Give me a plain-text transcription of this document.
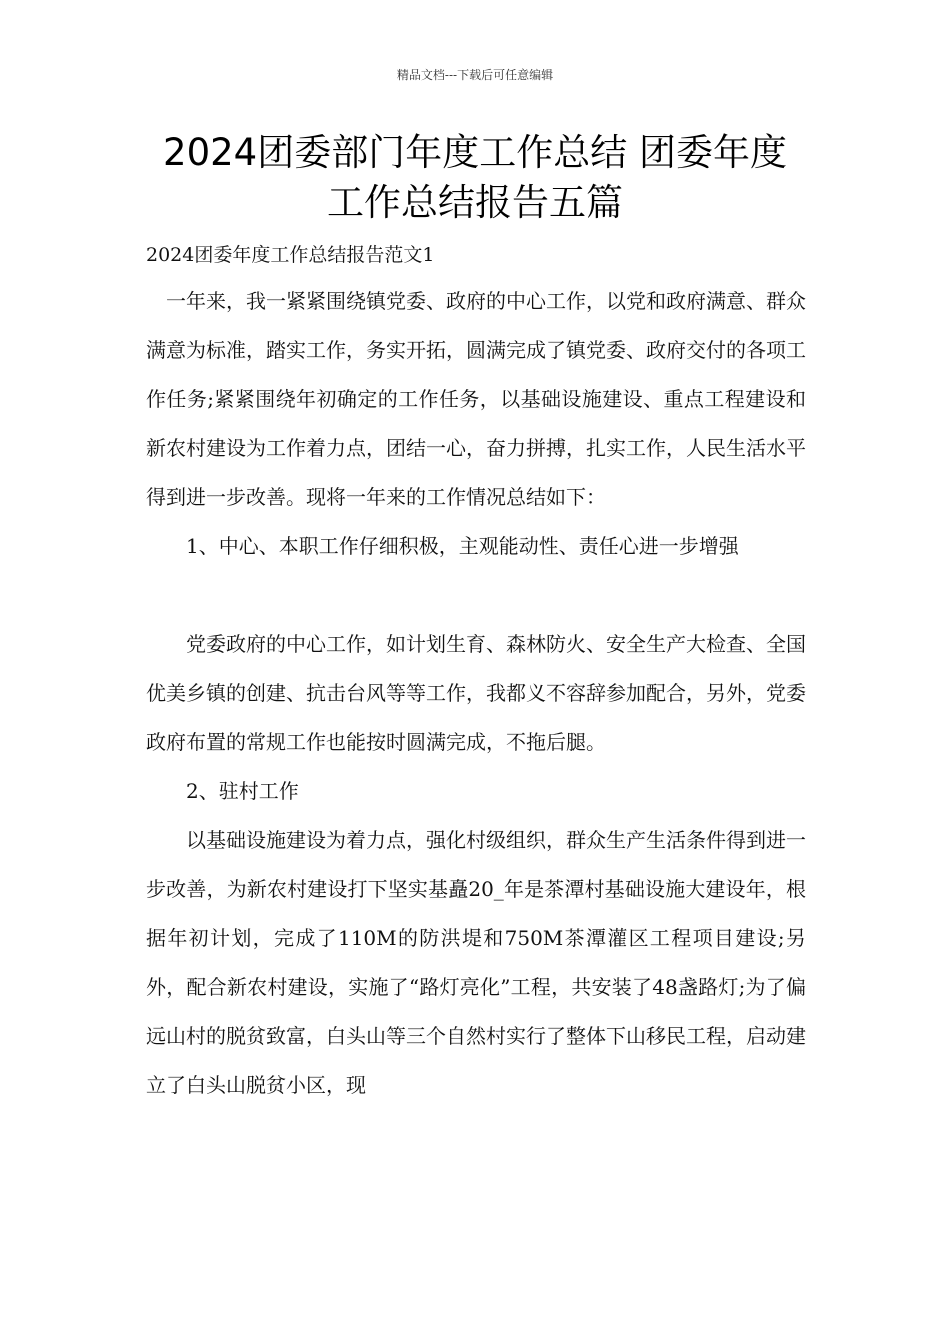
精品文档---下载后可任意编辑
2024团委部门年度工作总结 团委年度
工作总结报告五篇
2024团委年度工作总结报告范文1

　一年来，我一紧紧围绕镇党委、政府的中心工作，以党和政府满意、群众满意为标准，踏实工作，务实开拓，圆满完成了镇党委、政府交付的各项工作任务;紧紧围绕年初确定的工作任务，以基础设施建设、重点工程建设和新农村建设为工作着力点，团结一心，奋力拼搏，扎实工作，人民生活水平得到进一步改善。现将一年来的工作情况总结如下：

　　1、中心、本职工作仔细积极，主观能动性、责任心进一步增强

　　党委政府的中心工作，如计划生育、森林防火、安全生产大检查、全国优美乡镇的创建、抗击台风等等工作，我都义不容辞参加配合，另外，党委政府布置的常规工作也能按时圆满完成，不拖后腿。

　　2、驻村工作

　　以基础设施建设为着力点，强化村级组织，群众生产生活条件得到进一步改善，为新农村建设打下坚实基矗20_年是茶潭村基础设施大建设年，根据年初计划，完成了110M的防洪堤和750M茶潭灌区工程项目建设;另外，配合新农村建设，实施了“路灯亮化”工程，共安装了48盏路灯;为了偏远山村的脱贫致富，白头山等三个自然村实行了整体下山移民工程，启动建立了白头山脱贫小区，现
